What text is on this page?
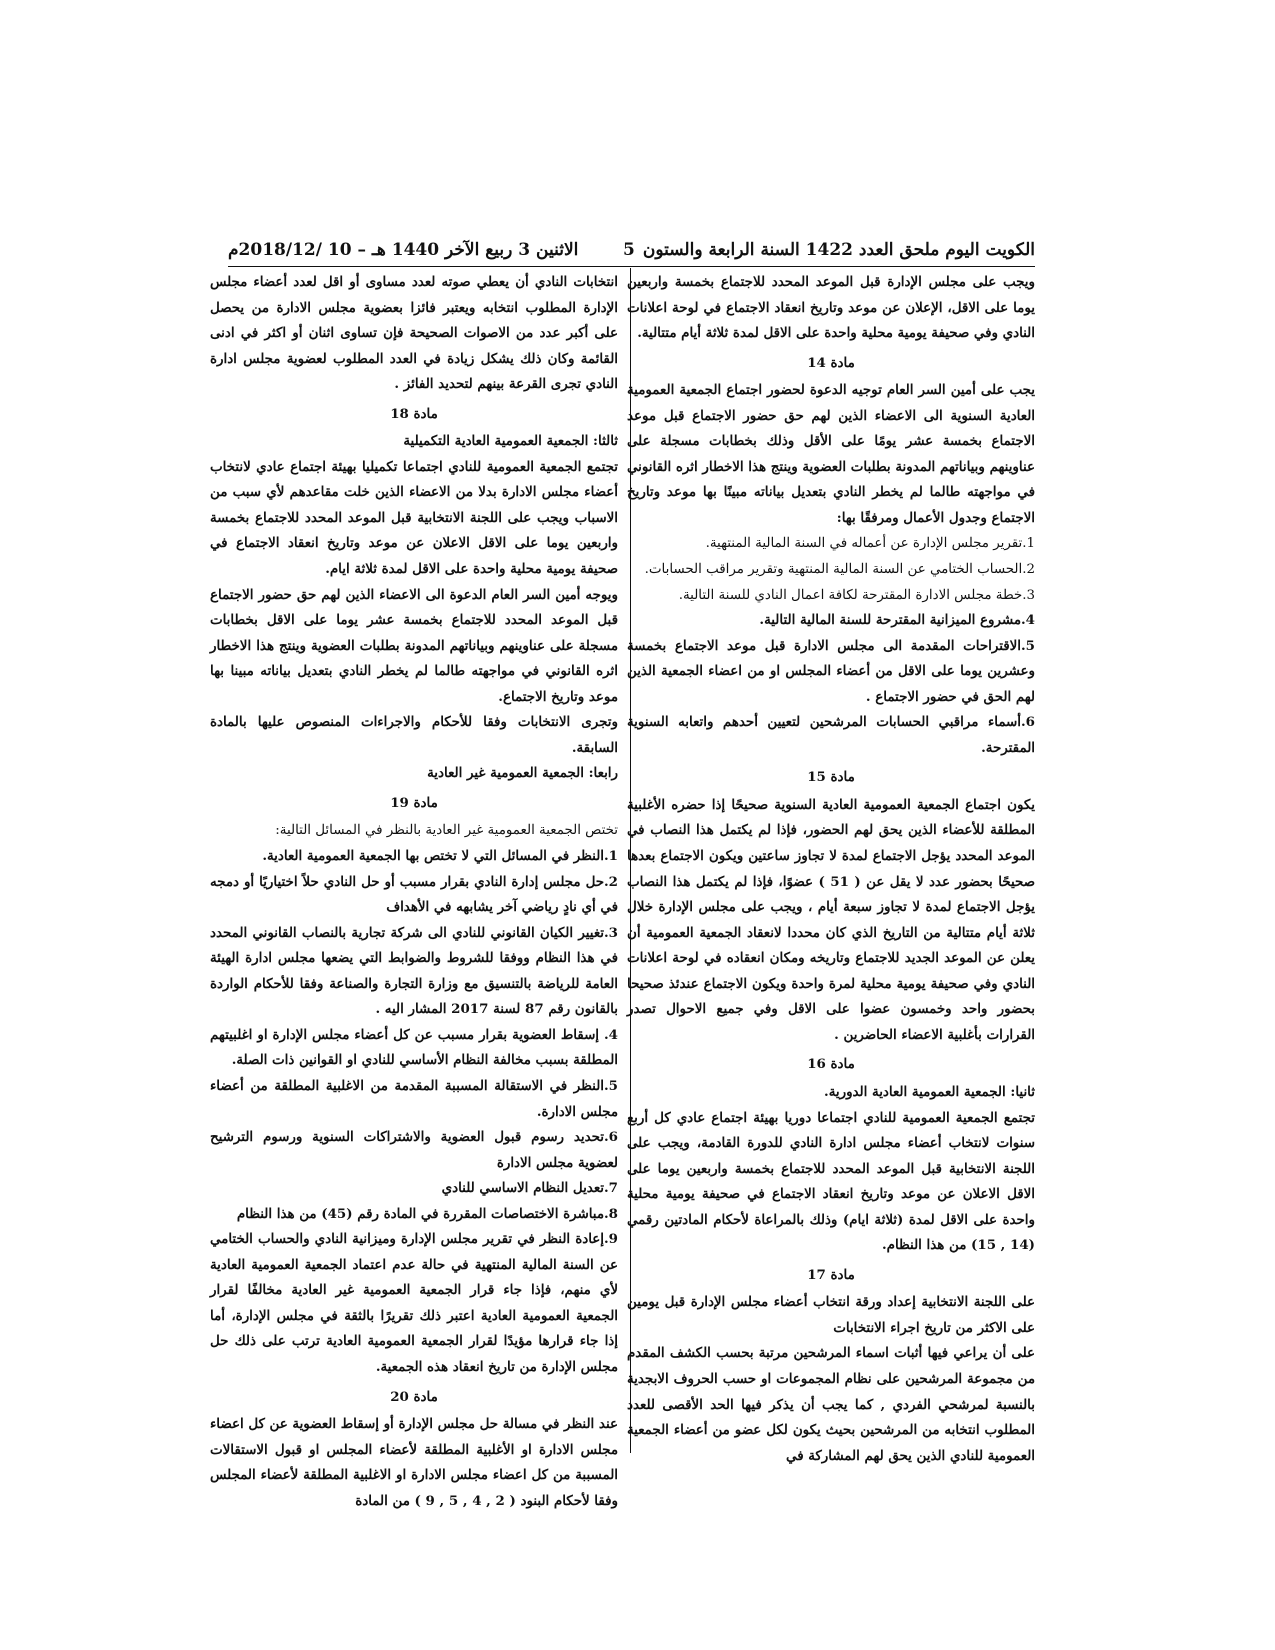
الكويت اليوم ملحق العدد 1422 السنة الرابعة والستون
5
الاثنين 3 ربيع الآخر 1440 هـ – 10 /2018/12م

ويجب على مجلس الإدارة قبل الموعد المحدد للاجتماع بخمسة واربعين يوما على الاقل، الإعلان عن موعد وتاريخ انعقاد الاجتماع في لوحة اعلانات النادي وفي صحيفة يومية محلية واحدة على الاقل لمدة ثلاثة أيام متتالية.

مادة 14

يجب على أمين السر العام توجيه الدعوة لحضور اجتماع الجمعية العمومية العادية السنوية الى الاعضاء الذين لهم حق حضور الاجتماع قبل موعد الاجتماع بخمسة عشر يومًا على الأقل وذلك بخطابات مسجلة على عناوينهم وبياناتهم المدونة بطلبات العضوية وينتج هذا الاخطار اثره القانوني في مواجهته طالما لم يخطر النادي بتعديل بياناته مبينًا بها موعد وتاريخ الاجتماع وجدول الأعمال ومرفقًا بها:

1.تقرير مجلس الإدارة عن أعماله في السنة المالية المنتهية.

2.الحساب الختامي عن السنة المالية المنتهية وتقرير مراقب الحسابات.

3.خطة مجلس الادارة المقترحة لكافة اعمال النادي للسنة التالية.

4.مشروع الميزانية المقترحة للسنة المالية التالية.

5.الاقتراحات المقدمة الى مجلس الادارة قبل موعد الاجتماع بخمسة وعشرين يوما على الاقل من أعضاء المجلس او من اعضاء الجمعية الذين لهم الحق في حضور الاجتماع .

6.أسماء مراقبي الحسابات المرشحين لتعيين أحدهم واتعابه السنوية المقترحة.

مادة 15

يكون اجتماع الجمعية العمومية العادية السنوية صحيحًا إذا حضره الأغلبية المطلقة للأعضاء الذين يحق لهم الحضور، فإذا لم يكتمل هذا النصاب في الموعد المحدد يؤجل الاجتماع لمدة لا تجاوز ساعتين ويكون الاجتماع بعدها صحيحًا بحضور عدد لا يقل عن ( 51 ) عضوًا، فإذا لم يكتمل هذا النصاب يؤجل الاجتماع لمدة لا تجاوز سبعة أيام ، ويجب على مجلس الإدارة خلال ثلاثة أيام متتالية من التاريخ الذي كان محددا لانعقاد الجمعية العمومية أن يعلن عن الموعد الجديد للاجتماع وتاريخه ومكان انعقاده في لوحة اعلانات النادي وفي صحيفة يومية محلية لمرة واحدة ويكون الاجتماع عندئذ صحيحا بحضور واحد وخمسون عضوا على الاقل وفي جميع الاحوال تصدر القرارات بأغلبية الاعضاء الحاضرين .

مادة 16

ثانيا: الجمعية العمومية العادية الدورية.

تجتمع الجمعية العمومية للنادي اجتماعا دوريا بهيئة اجتماع عادي كل أربع سنوات لانتخاب أعضاء مجلس ادارة النادي للدورة القادمة، ويجب على اللجنة الانتخابية قبل الموعد المحدد للاجتماع بخمسة واربعين يوما على الاقل الاعلان عن موعد وتاريخ انعقاد الاجتماع في صحيفة يومية محلية واحدة على الاقل لمدة (ثلاثة ايام) وذلك بالمراعاة لأحكام المادتين رقمي (14 , 15) من هذا النظام.

مادة 17

على اللجنة الانتخابية إعداد ورقة انتخاب أعضاء مجلس الإدارة قبل يومين على الاكثر من تاريخ اجراء الانتخابات

على أن يراعي فيها أثبات اسماء المرشحين مرتبة بحسب الكشف المقدم من مجموعة المرشحين على نظام المجموعات او حسب الحروف الابجدية بالنسبة لمرشحي الفردي , كما يجب أن يذكر فيها الحد الأقصى للعدد المطلوب انتخابه من المرشحين بحيث يكون لكل عضو من أعضاء الجمعية العمومية للنادي الذين يحق لهم المشاركة في

انتخابات النادي أن يعطي صوته لعدد مساوى أو اقل لعدد أعضاء مجلس الإدارة المطلوب انتخابه ويعتبر فائزا بعضوية مجلس الادارة من يحصل على أكبر عدد من الاصوات الصحيحة فإن تساوى اثنان أو اكثر في ادنى القائمة وكان ذلك يشكل زيادة في العدد المطلوب لعضوية مجلس ادارة النادي تجرى القرعة بينهم لتحديد الفائز .

مادة 18

ثالثا: الجمعية العمومية العادية التكميلية

تجتمع الجمعية العمومية للنادي اجتماعا تكميليا بهيئة اجتماع عادي لانتخاب أعضاء مجلس الادارة بدلا من الاعضاء الذين خلت مقاعدهم لأي سبب من الاسباب ويجب على اللجنة الانتخابية قبل الموعد المحدد للاجتماع بخمسة واربعين يوما على الاقل الاعلان عن موعد وتاريخ انعقاد الاجتماع في صحيفة يومية محلية واحدة على الاقل لمدة ثلاثة ايام.

ويوجه أمين السر العام الدعوة الى الاعضاء الذين لهم حق حضور الاجتماع قبل الموعد المحدد للاجتماع بخمسة عشر يوما على الاقل بخطابات مسجلة على عناوينهم وبياناتهم المدونة بطلبات العضوية وينتج هذا الاخطار اثره القانوني في مواجهته طالما لم يخطر النادي بتعديل بياناته مبينا بها موعد وتاريخ الاجتماع.

وتجرى الانتخابات وفقا للأحكام والاجراءات المنصوص عليها بالمادة السابقة.

رابعا: الجمعية العمومية غير العادية

مادة 19

تختص الجمعية العمومية غير العادية بالنظر في المسائل التالية:

1.النظر في المسائل التي لا تختص بها الجمعية العمومية العادية.

2.حل مجلس إدارة النادي بقرار مسبب أو حل النادي حلاً اختياريًا أو دمجه في أي نادٍ رياضي آخر يشابهه في الأهداف

3.تغيير الكيان القانوني للنادي الى شركة تجارية بالنصاب القانوني المحدد في هذا النظام ووفقا للشروط والضوابط التي يضعها مجلس ادارة الهيئة العامة للرياضة بالتنسيق مع وزارة التجارة والصناعة وفقا للأحكام الواردة بالقانون رقم 87 لسنة 2017 المشار اليه .

4. إسقاط العضوية بقرار مسبب عن كل أعضاء مجلس الإدارة او اغلبيتهم المطلقة بسبب مخالفة النظام الأساسي للنادي او القوانين ذات الصلة.

5.النظر في الاستقالة المسببة المقدمة من الاغلبية المطلقة من أعضاء مجلس الادارة.

6.تحديد رسوم قبول العضوية والاشتراكات السنوية ورسوم الترشيح لعضوية مجلس الادارة

7.تعديل النظام الاساسي للنادي

8.مباشرة الاختصاصات المقررة في المادة رقم (45) من هذا النظام

9.إعادة النظر في تقرير مجلس الإدارة وميزانية النادي والحساب الختامي عن السنة المالية المنتهية في حالة عدم اعتماد الجمعية العمومية العادية لأي منهم، فإذا جاء قرار الجمعية العمومية غير العادية مخالفًا لقرار الجمعية العمومية العادية اعتبر ذلك تقريرًا بالثقة في مجلس الإدارة، أما إذا جاء قرارها مؤيدًا لقرار الجمعية العمومية العادية ترتب على ذلك حل مجلس الإدارة من تاريخ انعقاد هذه الجمعية.

مادة 20

عند النظر في مسالة حل مجلس الإدارة أو إسقاط العضوية عن كل اعضاء مجلس الادارة او الأغلبية المطلقة لأعضاء المجلس او قبول الاستقالات المسببة من كل اعضاء مجلس الادارة او الاغلبية المطلقة لأعضاء المجلس وفقا لأحكام البنود ( 2 , 4 , 5 , 9 ) من المادة
